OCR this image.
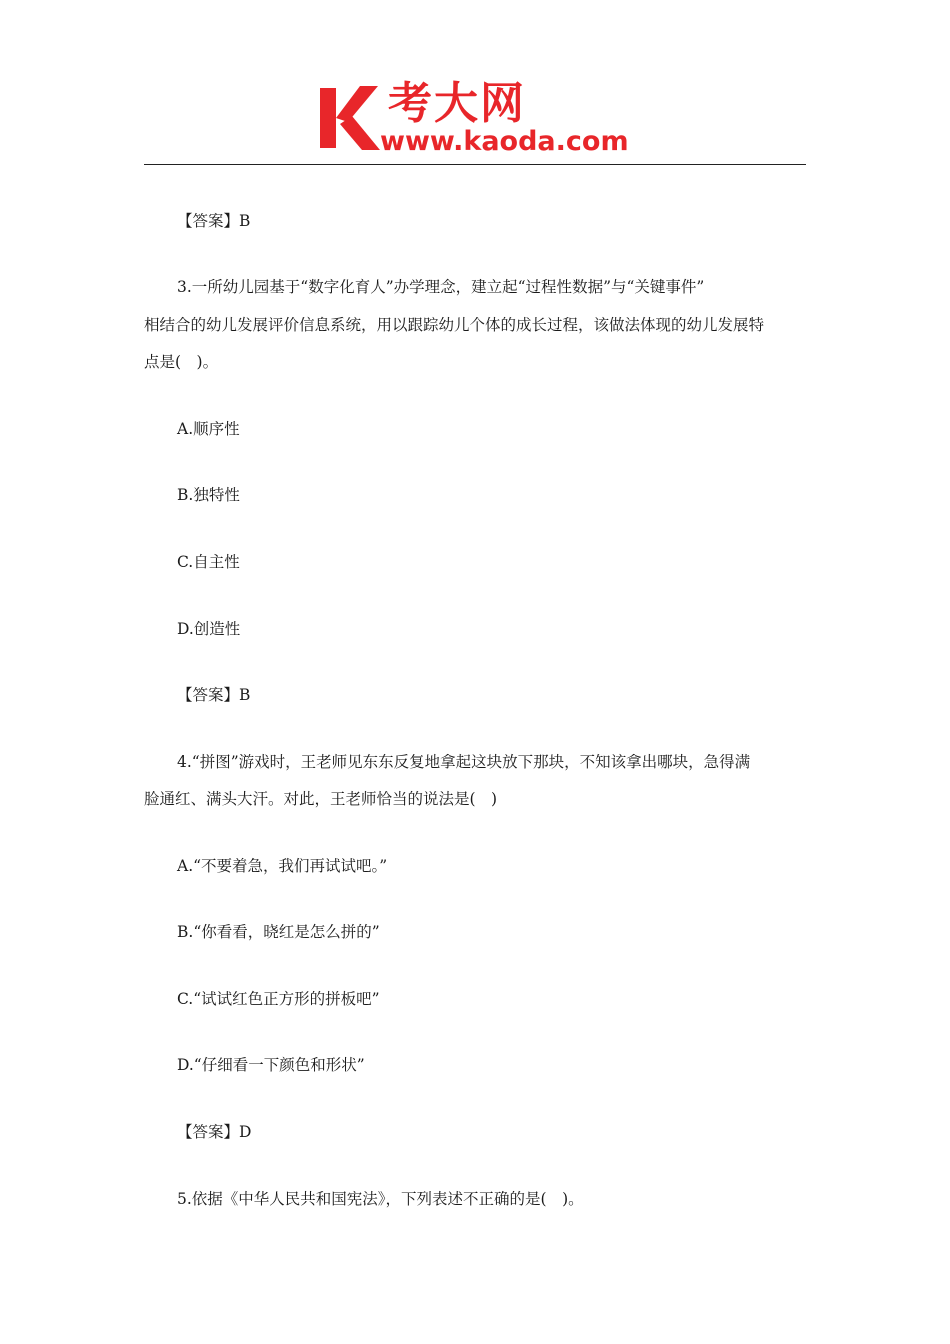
考大网
www.kaoda.com
【答案】B
3.一所幼儿园基于“数字化育人”办学理念，建立起“过程性数据”与“关键事件”
相结合的幼儿发展评价信息系统，用以跟踪幼儿个体的成长过程，该做法体现的幼儿发展特
点是(　)。
A.顺序性
B.独特性
C.自主性
D.创造性
【答案】B
4.“拼图”游戏时，王老师见东东反复地拿起这块放下那块，不知该拿出哪块，急得满
脸通红、满头大汗。对此，王老师恰当的说法是(　)
A.“不要着急，我们再试试吧。”
B.“你看看，晓红是怎么拼的”
C.“试试红色正方形的拼板吧”
D.“仔细看一下颜色和形状”
【答案】D
5.依据《中华人民共和国宪法》，下列表述不正确的是(　)。
